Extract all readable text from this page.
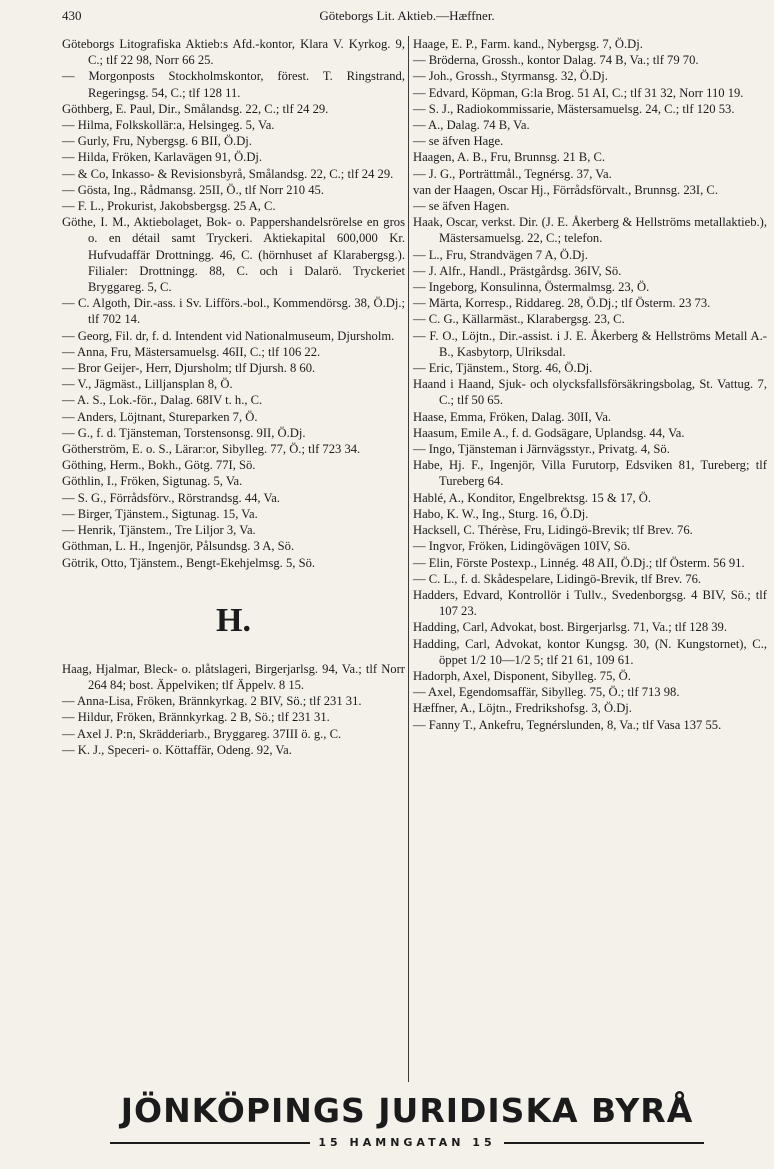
430	Göteborgs Lit. Aktieb.—Hæffner.

Göteborgs Litografiska Aktieb:s Afd.-kontor, Klara V. Kyrkog. 9, C.; tlf 22 98, Norr 66 25.

— Morgonposts Stockholmskontor, förest. T. Ringstrand, Regeringsg. 54, C.; tlf 128 11.

Göthberg, E. Paul, Dir., Smålandsg. 22, C.; tlf 24 29.

— Hilma, Folkskollär:a, Helsingeg. 5, Va.

— Gurly, Fru, Nybergsg. 6 BII, Ö.Dj.

— Hilda, Fröken, Karlavägen 91, Ö.Dj.

— & Co, Inkasso- & Revisionsbyrå, Smålandsg. 22, C.; tlf 24 29.

— Gösta, Ing., Rådmansg. 25II, Ö., tlf Norr 210 45.

— F. L., Prokurist, Jakobsbergsg. 25 A, C.

Göthe, I. M., Aktiebolaget, Bok- o. Pappershandelsrörelse en gros o. en détail samt Tryckeri. Aktiekapital 600,000 Kr. Hufvudaffär Drottningg. 46, C. (hörnhuset af Klarabergsg.). Filialer: Drottningg. 88, C. och i Dalarö. Tryckeriet Bryggareg. 5, C.

— C. Algoth, Dir.-ass. i Sv. Lifförs.-bol., Kommendörsg. 38, Ö.Dj.; tlf 702 14.

— Georg, Fil. dr, f. d. Intendent vid Nationalmuseum, Djursholm.

— Anna, Fru, Mästersamuelsg. 46II, C.; tlf 106 22.

— Bror Geijer-, Herr, Djursholm; tlf Djursh. 8 60.

— V., Jägmäst., Lilljansplan 8, Ö.

— A. S., Lok.-för., Dalag. 68IV t. h., C.

— Anders, Löjtnant, Stureparken 7, Ö.

— G., f. d. Tjänsteman, Torstensonsg. 9II, Ö.Dj.

Götherström, E. o. S., Lärar:or, Sibylleg. 77, Ö.; tlf 723 34.

Göthing, Herm., Bokh., Götg. 77I, Sö.

Göthlin, I., Fröken, Sigtunag. 5, Va.

— S. G., Förrådsförv., Rörstrandsg. 44, Va.

— Birger, Tjänstem., Sigtunag. 15, Va.

— Henrik, Tjänstem., Tre Liljor 3, Va.

Göthman, L. H., Ingenjör, Pålsundsg. 3 A, Sö.

Götrik, Otto, Tjänstem., Bengt-Ekehjelmsg. 5, Sö.

H.

Haag, Hjalmar, Bleck- o. plåtslageri, Birgerjarlsg. 94, Va.; tlf Norr 264 84; bost. Äppelviken; tlf Äppelv. 8 15.

— Anna-Lisa, Fröken, Brännkyrkag. 2 BIV, Sö.; tlf 231 31.

— Hildur, Fröken, Brännkyrkag. 2 B, Sö.; tlf 231 31.

— Axel J. P:n, Skrädderiarb., Bryggareg. 37III ö. g., C.

— K. J., Speceri- o. Köttaffär, Odeng. 92, Va.

Haage, E. P., Farm. kand., Nybergsg. 7, Ö.Dj.

— Bröderna, Grossh., kontor Dalag. 74 B, Va.; tlf 79 70.

— Joh., Grossh., Styrmansg. 32, Ö.Dj.

— Edvard, Köpman, G:la Brog. 51 AI, C.; tlf 31 32, Norr 110 19.

— S. J., Radiokommissarie, Mästersamuelsg. 24, C.; tlf 120 53.

— A., Dalag. 74 B, Va.

— se äfven Hage.

Haagen, A. B., Fru, Brunnsg. 21 B, C.

— J. G., Porträttmål., Tegnérsg. 37, Va.

van der Haagen, Oscar Hj., Förrådsförvalt., Brunnsg. 23I, C.

— se äfven Hagen.

Haak, Oscar, verkst. Dir. (J. E. Åkerberg & Hellströms metallaktieb.), Mästersamuelsg. 22, C.; telefon.

— L., Fru, Strandvägen 7 A, Ö.Dj.

— J. Alfr., Handl., Prästgårdsg. 36IV, Sö.

— Ingeborg, Konsulinna, Östermalmsg. 23, Ö.

— Märta, Korresp., Riddareg. 28, Ö.Dj.; tlf Österm. 23 73.

— C. G., Källarmäst., Klarabergsg. 23, C.

— F. O., Löjtn., Dir.-assist. i J. E. Åkerberg & Hellströms Metall A.-B., Kasbytorp, Ulriksdal.

— Eric, Tjänstem., Storg. 46, Ö.Dj.

Haand i Haand, Sjuk- och olycksfallsförsäkringsbolag, St. Vattug. 7, C.; tlf 50 65.

Haase, Emma, Fröken, Dalag. 30II, Va.

Haasum, Emile A., f. d. Godsägare, Uplandsg. 44, Va.

— Ingo, Tjänsteman i Järnvägsstyr., Privatg. 4, Sö.

Habe, Hj. F., Ingenjör, Villa Furutorp, Edsviken 81, Tureberg; tlf Tureberg 64.

Hablé, A., Konditor, Engelbrektsg. 15 & 17, Ö.

Habo, K. W., Ing., Sturg. 16, Ö.Dj.

Hacksell, C. Thérèse, Fru, Lidingö-Brevik; tlf Brev. 76.

— Ingvor, Fröken, Lidingövägen 10IV, Sö.

— Elin, Förste Postexp., Linnég. 48 AII, Ö.Dj.; tlf Österm. 56 91.

— C. L., f. d. Skådespelare, Lidingö-Brevik, tlf Brev. 76.

Hadders, Edvard, Kontrollör i Tullv., Svedenborgsg. 4 BIV, Sö.; tlf 107 23.

Hadding, Carl, Advokat, bost. Birgerjarlsg. 71, Va.; tlf 128 39.

Hadding, Carl, Advokat, kontor Kungsg. 30, (N. Kungstornet), C., öppet 1/2 10—1/2 5; tlf 21 61, 109 61.

Hadorph, Axel, Disponent, Sibylleg. 75, Ö.

— Axel, Egendomsaffär, Sibylleg. 75, Ö.; tlf 713 98.

Hæffner, A., Löjtn., Fredrikshofsg. 3, Ö.Dj.

— Fanny T., Ankefru, Tegnérslunden, 8, Va.; tlf Vasa 137 55.

JÖNKÖPINGS JURIDISKA BYRÅ
15 HAMNGATAN 15
